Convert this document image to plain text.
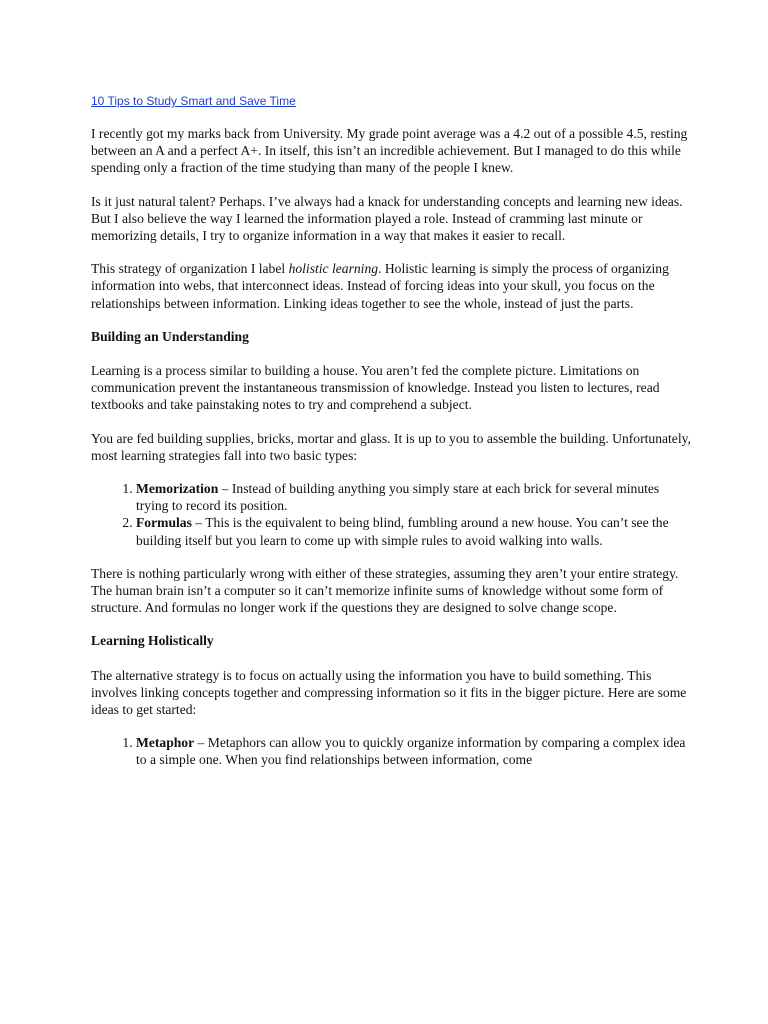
10 Tips to Study Smart and Save Time

I recently got my marks back from University. My grade point average was a 4.2 out of a possible 4.5, resting between an A and a perfect A+. In itself, this isn’t an incredible achievement. But I managed to do this while spending only a fraction of the time studying than many of the people I knew.

Is it just natural talent? Perhaps. I’ve always had a knack for understanding concepts and learning new ideas. But I also believe the way I learned the information played a role. Instead of cramming last minute or memorizing details, I try to organize information in a way that makes it easier to recall.

This strategy of organization I label holistic learning. Holistic learning is simply the process of organizing information into webs, that interconnect ideas. Instead of forcing ideas into your skull, you focus on the relationships between information. Linking ideas together to see the whole, instead of just the parts.

Building an Understanding

Learning is a process similar to building a house. You aren’t fed the complete picture. Limitations on communication prevent the instantaneous transmission of knowledge. Instead you listen to lectures, read textbooks and take painstaking notes to try and comprehend a subject.

You are fed building supplies, bricks, mortar and glass. It is up to you to assemble the building. Unfortunately, most learning strategies fall into two basic types:

1. Memorization – Instead of building anything you simply stare at each brick for several minutes trying to record its position.
2. Formulas – This is the equivalent to being blind, fumbling around a new house. You can’t see the building itself but you learn to come up with simple rules to avoid walking into walls.

There is nothing particularly wrong with either of these strategies, assuming they aren’t your entire strategy. The human brain isn’t a computer so it can’t memorize infinite sums of knowledge without some form of structure. And formulas no longer work if the questions they are designed to solve change scope.

Learning Holistically

The alternative strategy is to focus on actually using the information you have to build something. This involves linking concepts together and compressing information so it fits in the bigger picture. Here are some ideas to get started:

1. Metaphor – Metaphors can allow you to quickly organize information by comparing a complex idea to a simple one. When you find relationships between information, come
